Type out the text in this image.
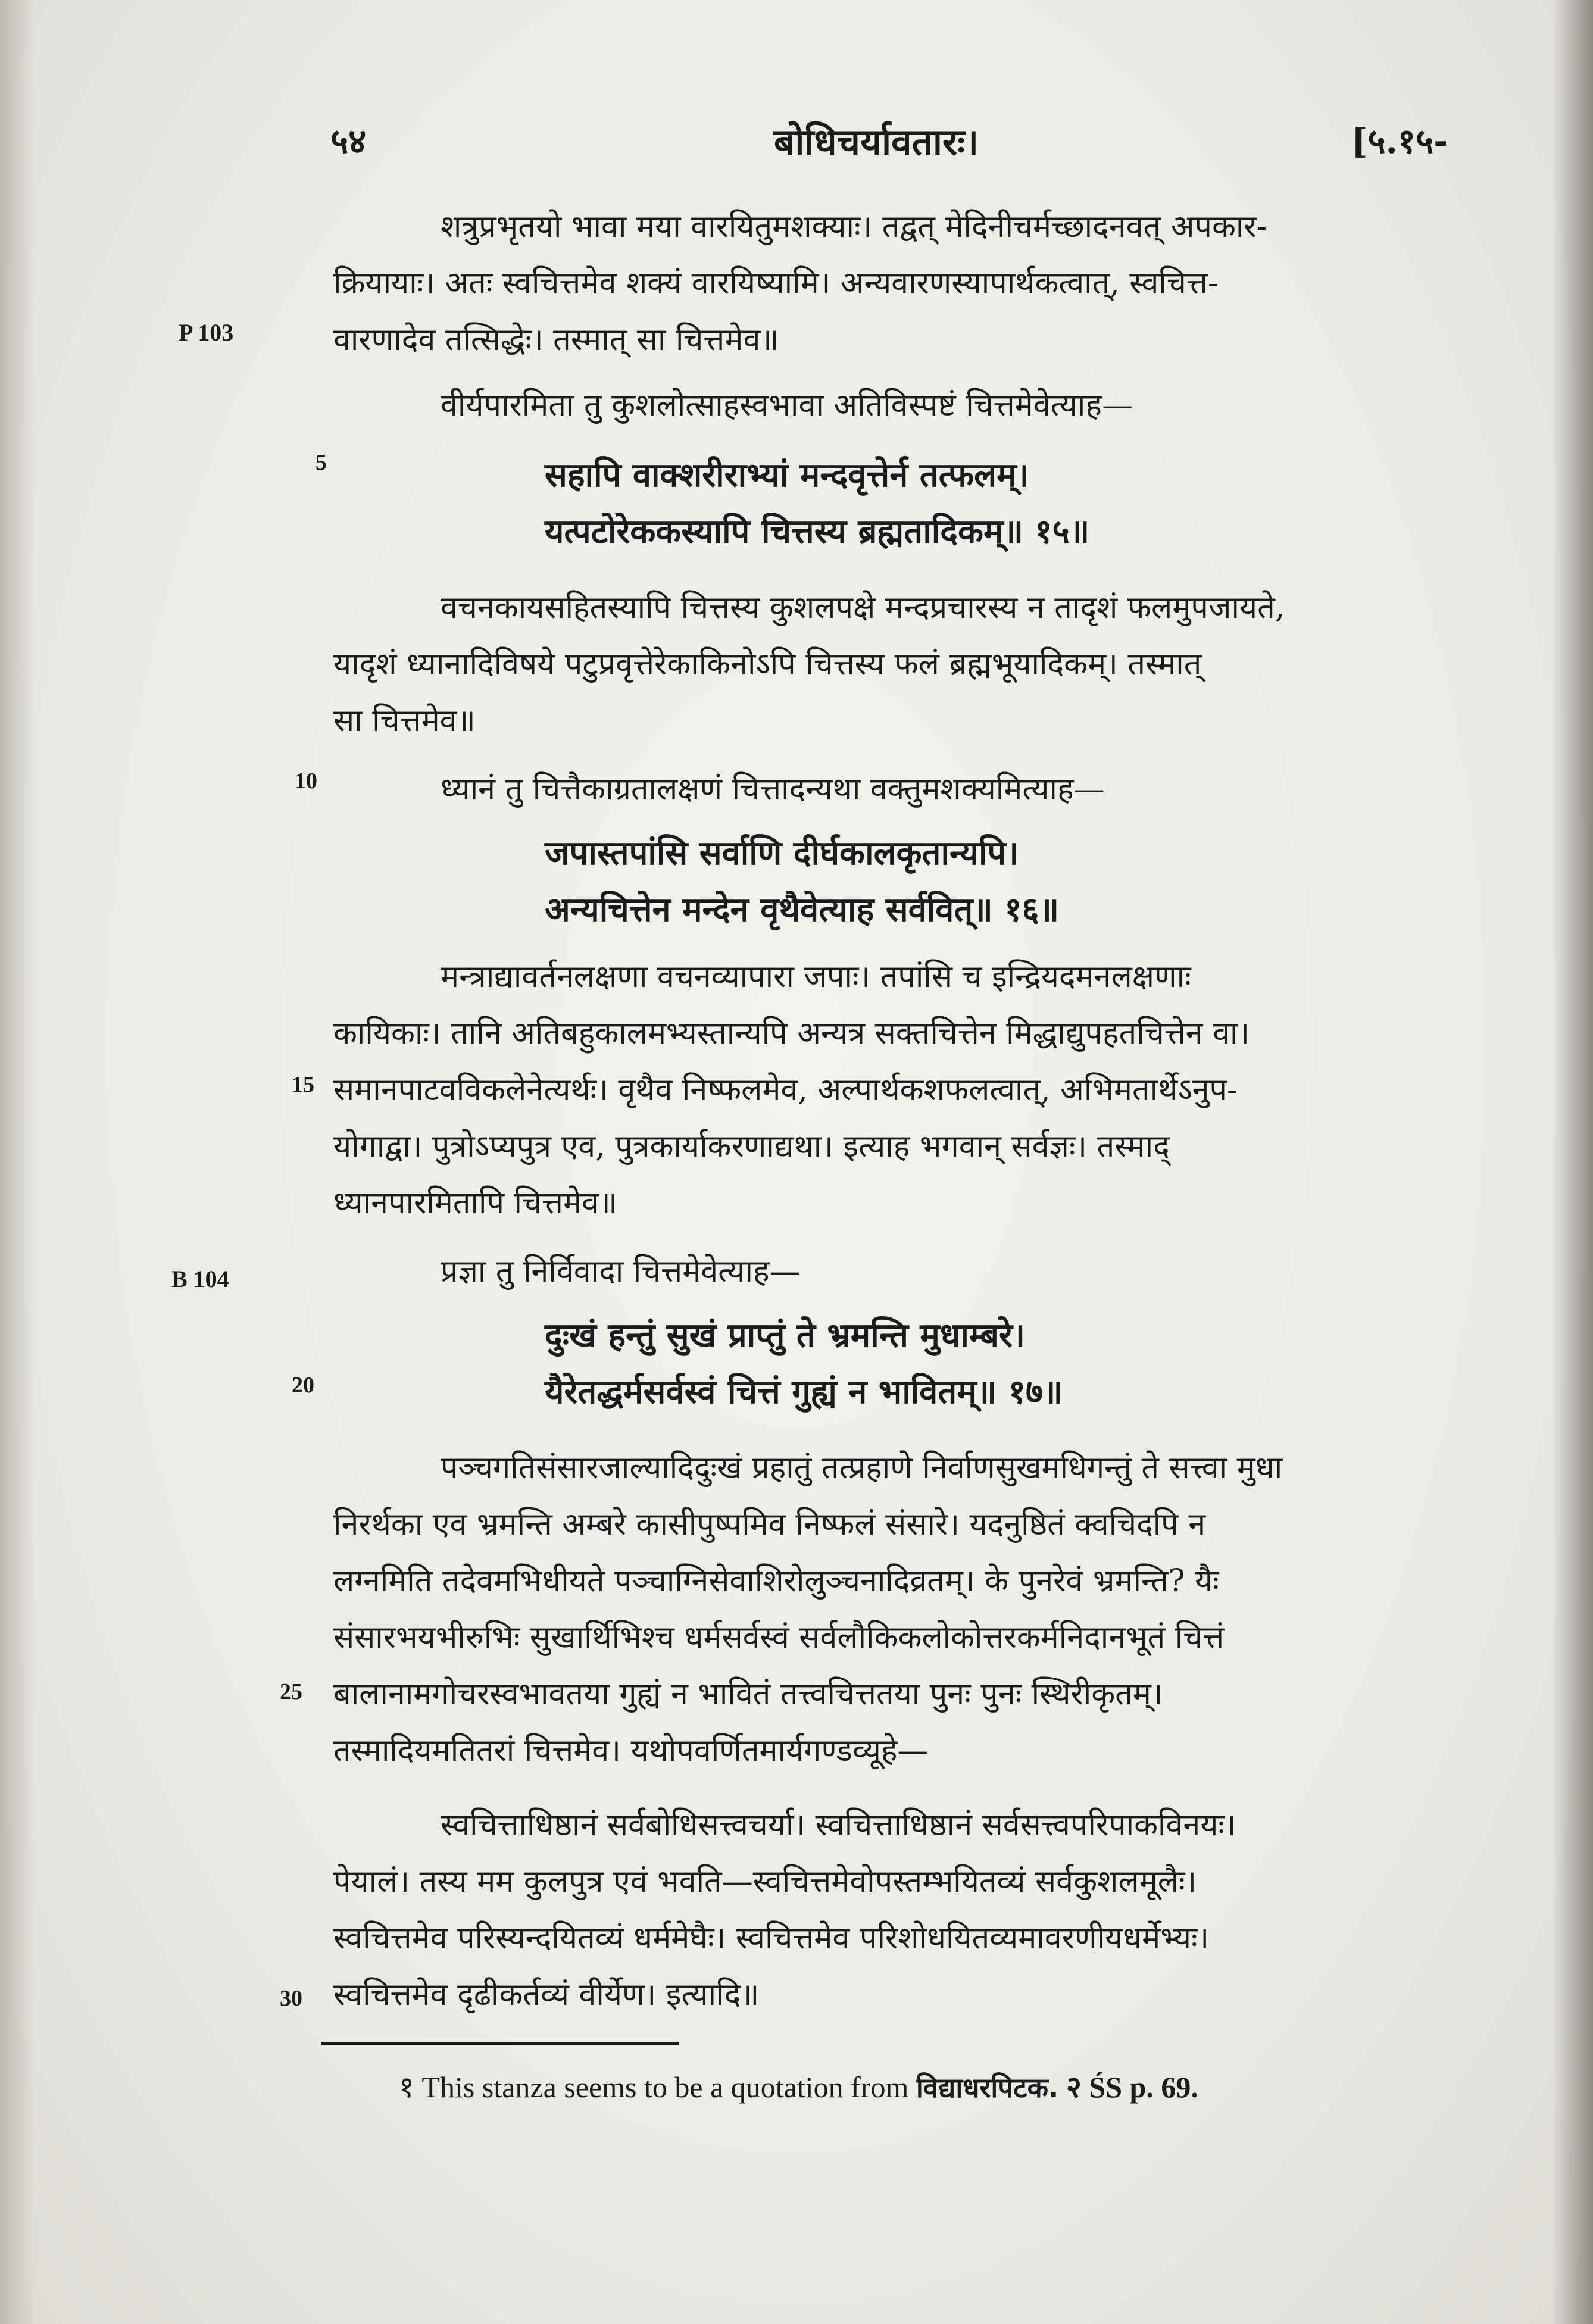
५४	बोधिचर्यावतारः।	[५.१५-
P 103
B 104
5
10
15
20
25
30
शत्रुप्रभृतयो भावा मया वारयितुमशक्याः। तद्वत् मेदिनीचर्मच्छादनवत् अपकार-
क्रियायाः। अतः स्वचित्तमेव शक्यं वारयिष्यामि। अन्यवारणस्यापार्थकत्वात्, स्वचित्त-
वारणादेव तत्सिद्धेः। तस्मात् सा चित्तमेव॥
वीर्यपारमिता तु कुशलोत्साहस्वभावा अतिविस्पष्टं चित्तमेवेत्याह—
सहापि वाक्शरीराभ्यां मन्दवृत्तेर्न तत्फलम्।
यत्पटोरेककस्यापि चित्तस्य ब्रह्मतादिकम्॥ १५॥
वचनकायसहितस्यापि चित्तस्य कुशलपक्षे मन्दप्रचारस्य न तादृशं फलमुपजायते,
यादृशं ध्यानादिविषये पटुप्रवृत्तेरेकाकिनोऽपि चित्तस्य फलं ब्रह्मभूयादिकम्। तस्मात्
सा चित्तमेव॥
ध्यानं तु चित्तैकाग्रतालक्षणं चित्तादन्यथा वक्तुमशक्यमित्याह—
जपास्तपांसि सर्वाणि दीर्घकालकृतान्यपि।
अन्यचित्तेन मन्देन वृथैवेत्याह सर्ववित्॥ १६॥
मन्त्राद्यावर्तनलक्षणा वचनव्यापारा जपाः। तपांसि च इन्द्रियदमनलक्षणाः
कायिकाः। तानि अतिबहुकालमभ्यस्तान्यपि अन्यत्र सक्तचित्तेन मिद्धाद्युपहतचित्तेन वा।
समानपाटवविकलेनेत्यर्थः। वृथैव निष्फलमेव, अल्पार्थकशफलत्वात्, अभिमतार्थेऽनुप-
योगाद्वा। पुत्रोऽप्यपुत्र एव, पुत्रकार्याकरणाद्यथा। इत्याह भगवान् सर्वज्ञः। तस्माद्
ध्यानपारमितापि चित्तमेव॥
प्रज्ञा तु निर्विवादा चित्तमेवेत्याह—
दुःखं हन्तुं सुखं प्राप्तुं ते भ्रमन्ति मुधाम्बरे।
यैरेतद्धर्मसर्वस्वं चित्तं गुह्यं न भावितम्॥ १७॥
पञ्चगतिसंसारजाल्यादिदुःखं प्रहातुं तत्प्रहाणे निर्वाणसुखमधिगन्तुं ते सत्त्वा मुधा
निरर्थका एव भ्रमन्ति अम्बरे कासीपुष्पमिव निष्फलं संसारे। यदनुष्ठितं क्वचिदपि न
लग्नमिति तदेवमभिधीयते पञ्चाग्निसेवाशिरोलुञ्चनादिव्रतम्। के पुनरेवं भ्रमन्ति? यैः
संसारभयभीरुभिः सुखार्थिभिश्च धर्मसर्वस्वं सर्वलौकिकलोकोत्तरकर्मनिदानभूतं चित्तं
बालानामगोचरस्वभावतया गुह्यं न भावितं तत्त्वचित्ततया पुनः पुनः स्थिरीकृतम्।
तस्मादियमतितरां चित्तमेव। यथोपवर्णितमार्यगण्डव्यूहे—
स्वचित्ताधिष्ठानं सर्वबोधिसत्त्वचर्या। स्वचित्ताधिष्ठानं सर्वसत्त्वपरिपाकविनयः।
पेयालं। तस्य मम कुलपुत्र एवं भवति—स्वचित्तमेवोपस्तम्भयितव्यं सर्वकुशलमूलैः।
स्वचित्तमेव परिस्यन्दयितव्यं धर्ममेघैः। स्वचित्तमेव परिशोधयितव्यमावरणीयधर्मेभ्यः।
स्वचित्तमेव दृढीकर्तव्यं वीर्येण। इत्यादि॥
१ This stanza seems to be a quotation from विद्याधरपिटक. २ ŚS p. 69.
